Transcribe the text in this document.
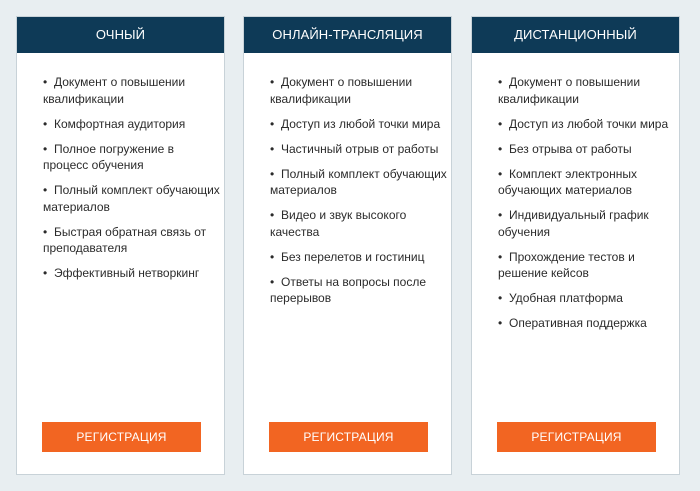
ОЧНЫЙ
• Документ о повышении квалификации
• Комфортная аудитория
• Полное погружение в процесс обучения
• Полный комплект обучающих материалов
• Быстрая обратная связь от преподавателя
• Эффективный нетворкинг
РЕГИСТРАЦИЯ
ОНЛАЙН-ТРАНСЛЯЦИЯ
• Документ о повышении квалификации
• Доступ из любой точки мира
• Частичный отрыв от работы
• Полный комплект обучающих материалов
• Видео и звук высокого качества
• Без перелетов и гостиниц
• Ответы на вопросы после перерывов
РЕГИСТРАЦИЯ
ДИСТАНЦИОННЫЙ
• Документ о повышении квалификации
• Доступ из любой точки мира
• Без отрыва от работы
• Комплект электронных обучающих материалов
• Индивидуальный график обучения
• Прохождение тестов и решение кейсов
• Удобная платформа
• Оперативная поддержка
РЕГИСТРАЦИЯ
